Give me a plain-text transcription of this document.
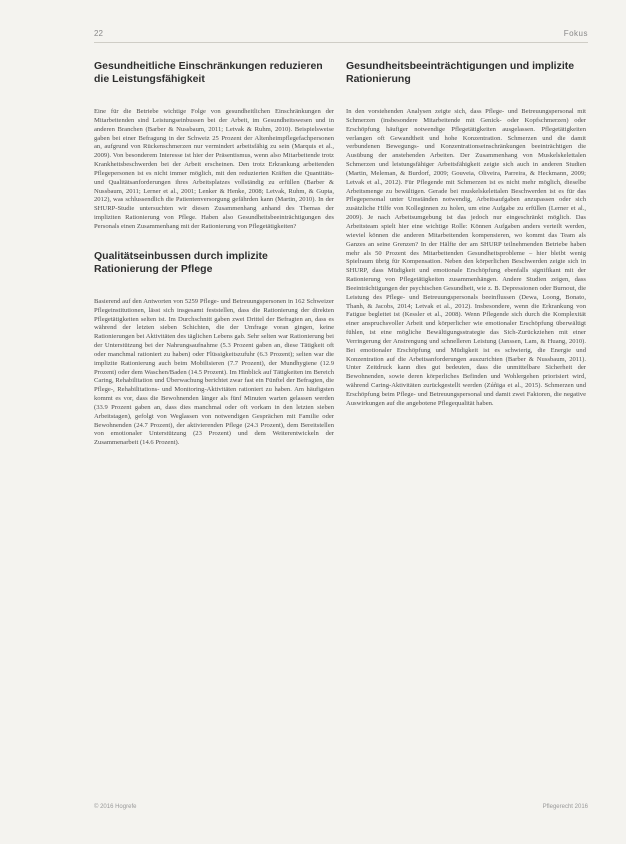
22	Fokus
Gesundheitliche Einschränkungen reduzieren die Leistungsfähigkeit

Eine für die Betriebe wichtige Folge von gesundheitlichen Einschränkungen der Mitarbeitenden sind Leistungseinbussen bei der Arbeit, im Gesundheitswesen und in anderen Branchen (Barber & Nussbaum, 2011; Letvak & Ruhm, 2010). Beispielsweise gaben bei einer Befragung in der Schweiz 25 Prozent der Altenheimpflegefachpersonen an, aufgrund von Rückenschmerzen nur vermindert arbeitsfähig zu sein (Marquis et al., 2009). Von besonderem Interesse ist hier der Präsentismus, wenn also Mitarbeitende trotz Krankheitsbeschwerden bei der Arbeit erscheinen. Den trotz Erkrankung arbeitenden Pflegepersonen ist es nicht immer möglich, mit den reduzierten Kräften die Quantitäts- und Qualitätsanforderungen ihres Arbeitsplatzes vollständig zu erfüllen (Barber & Nussbaum, 2011; Lerner et al., 2001; Lenker & Henke, 2008; Letvak, Ruhm, & Gupta, 2012), was schlussendlich die Patientenversorgung gefährden kann (Martin, 2010). In der SHURP-Studie untersuchten wir diesen Zusammenhang anhand des Themas der impliziten Rationierung von Pflege. Haben also Gesundheitsbeeinträchtigungen des Personals einen Zusammenhang mit der Rationierung von Pflegetätigkeiten?

Qualitätseinbussen durch implizite Rationierung der Pflege

Basierend auf den Antworten von 5259 Pflege- und Betreuungspersonen in 162 Schweizer Pflegeinstitutionen, lässt sich insgesamt feststellen, dass die Rationierung der direkten Pflegetätigkeiten selten ist. Im Durchschnitt gaben zwei Drittel der Befragten an, dass es während der letzten sieben Schichten, die der Umfrage voran gingen, keine Rationierungen bei Aktivitäten des täglichen Lebens gab. Sehr selten war Rationierung bei der Unterstützung bei der Nahrungsaufnahme (5.3 Prozent gaben an, diese Tätigkeit oft oder manchmal rationiert zu haben) oder Flüssigkeitszufuhr (6.3 Prozent); selten war die implizite Rationierung auch beim Mobilisieren (7.7 Prozent), der Mundhygiene (12.9 Prozent) oder dem Waschen/Baden (14.5 Prozent). Im Hinblick auf Tätigkeiten im Bereich Caring, Rehabilitation und Überwachung berichtet zwar fast ein Fünftel der Befragten, die Pflege-, Rehabilitations- und Monitoring-Aktivitäten rationiert zu haben. Am häufigsten kommt es vor, dass die Bewohnenden länger als fünf Minuten warten gelassen werden (33.9 Prozent gaben an, dass dies manchmal oder oft vorkam in den letzten sieben Arbeitstagen), gefolgt von Weglassen von notwendigen Gesprächen mit Familie oder Bewohnenden (24.7 Prozent), der aktivierenden Pflege (24.3 Prozent), dem Bereitstellen von emotionaler Unterstützung (23 Prozent) und dem Weiterentwickeln der Zusammenarbeit (14.6 Prozent).

Gesundheitsbeeinträchtigungen und implizite Rationierung

In den vorstehenden Analysen zeigte sich, dass Pflege- und Betreuungspersonal mit Schmerzen (insbesondere Mitarbeitende mit Genick- oder Kopfschmerzen) oder Erschöpfung häufiger notwendige Pflegetätigkeiten ausgelassen. Pflegetätigkeiten verlangen oft Gewandtheit und hohe Konzentration. Schmerzen und die damit verbundenen Bewegungs- und Konzentrationseinschränkungen beeinträchtigen die Ausübung der anstehenden Arbeiten. Der Zusammenhang von Muskelskelettalen Schmerzen und leistungsfähiger Arbeitsfähigkeit zeigte sich auch in anderen Studien (Martin, Meleman, & Burdorf, 2009; Gouveia, Oliveira, Parreira, & Heckmann, 2009; Letvak et al., 2012). Für Pflegende mit Schmerzen ist es nicht mehr möglich, dieselbe Arbeitsmenge zu bewältigen. Gerade bei muskelskelettalen Beschwerden ist es für das Pflegepersonal unter Umständen notwendig, Arbeitsaufgaben anzupassen oder sich zusätzliche Hilfe von Kolleginnen zu holen, um eine Aufgabe zu erfüllen (Lerner et al., 2009). Je nach Arbeitsumgebung ist das jedoch nur eingeschränkt möglich. Das Arbeitsteam spielt hier eine wichtige Rolle: Können Aufgaben anders verteilt werden, wieviel können die anderen Mitarbeitenden kompensieren, wo kommt das Team als Ganzes an seine Grenzen? In der Hälfte der am SHURP teilnehmenden Betriebe haben mehr als 50 Prozent des Mitarbeitenden Gesundheitsprobleme – hier bleibt wenig Spielraum übrig für Kompensation. Neben den körperlichen Beschwerden zeigte sich in SHURP, dass Müdigkeit und emotionale Erschöpfung ebenfalls signifikant mit der Rationierung von Pflegetätigkeiten zusammenhängen. Andere Studien zeigen, dass Beeinträchtigungen der psychischen Gesundheit, wie z. B. Depressionen oder Burnout, die Leistung des Pflege- und Betreuungspersonals beeinflussen (Dewa, Loong, Bonato, Thanh, & Jacobs, 2014; Letvak et al., 2012). Insbesondere, wenn die Erkrankung von Fatigue begleitet ist (Kessler et al., 2008). Wenn Pflegende sich durch die Komplexität einer anspruchsvoller Arbeit und körperlicher wie emotionaler Erschöpfung überwältigt fühlen, ist eine mögliche Bewältigungsstrategie das Sich-Zurückziehen mit einer Verringerung der Anstrengung und schnelleren Leistung (Janssen, Lam, & Huang, 2010). Bei emotionaler Erschöpfung und Müdigkeit ist es schwierig, die Energie und Konzentration auf die Arbeitsanforderungen auszurichten (Barber & Nussbaum, 2011). Unter Zeitdruck kann dies gut bedeuten, dass die unmittelbare Sicherheit der Bewohnenden, sowie deren körperliches Befinden und Wohlergehen priorisiert wird, während Caring-Aktivitäten zurückgestellt werden (Zúñiga et al., 2015). Schmerzen und Erschöpfung beim Pflege- und Betreuungspersonal und damit zwei Faktoren, die negative Auswirkungen auf die angebotene Pflegequalität haben.

© 2016 Hogrefe	Pflegerecht 2016
